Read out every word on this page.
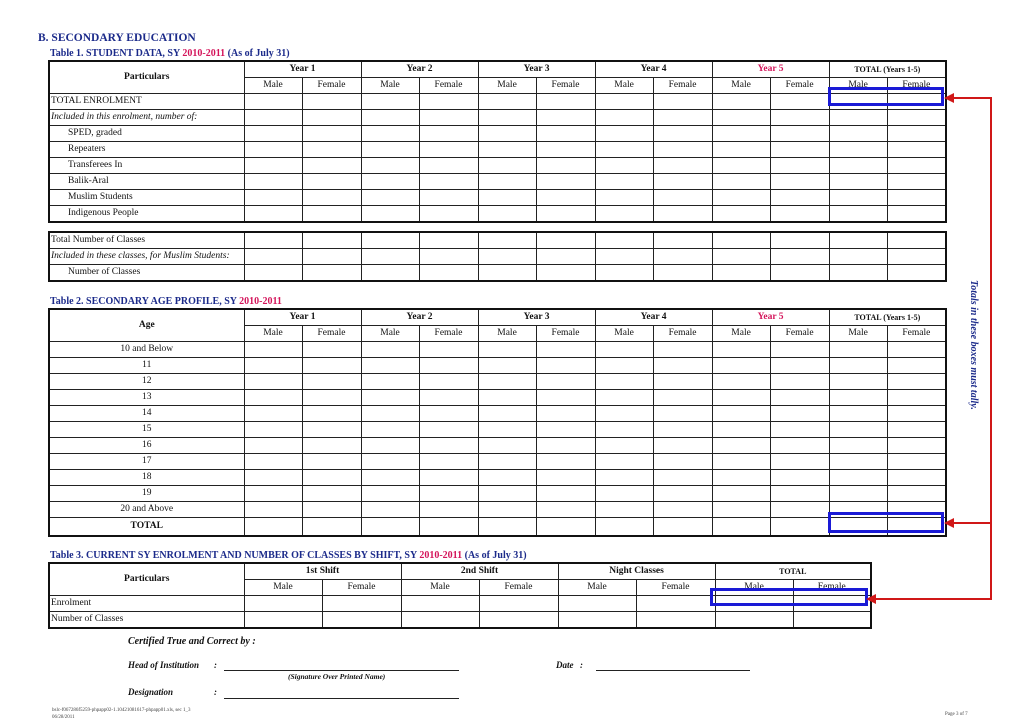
B. SECONDARY EDUCATION
Table 1. STUDENT DATA, SY 2010-2011 (As of July 31)
Particulars	Year 1		Year 2		Year 3		Year 4		Year 5		TOTAL (Years 1-5)	
	Male	Female	Male	Female	Male	Female	Male	Female	Male	Female	Male	Female
TOTAL ENROLMENT												
Included in this enrolment, number of:												
SPED, graded												
Repeaters												
Transferees In												
Balik-Aral												
Muslim Students												
Indigenous People												
Total Number of Classes												
Included in these classes, for Muslim Students:												
Number of Classes												
Table 2. SECONDARY AGE PROFILE, SY 2010-2011
Age	Year 1		Year 2		Year 3		Year 4		Year 5		TOTAL (Years 1-5)	
	Male	Female	Male	Female	Male	Female	Male	Female	Male	Female	Male	Female
10 and Below												
11												
12												
13												
14												
15												
16												
17												
18												
19												
20 and Above												
TOTAL												
Table 3. CURRENT SY ENROLMENT AND NUMBER OF CLASSES BY SHIFT, SY 2010-2011 (As of July 31)
Particulars	1st Shift		2nd Shift		Night Classes		TOTAL	
	Male	Female	Male	Female	Male	Female	Male	Female
Enrolment								
Number of Classes								
Totals in these boxes must tally.
Certified True and Correct by :
Head of Institution :
(Signature Over Printed Name)
Date :
Designation	:
bslc-f067286f5259-phpapp02-1.10421081617-phpapp01.xls, sec 1_3
06/28/2011
Page 3 of 7
